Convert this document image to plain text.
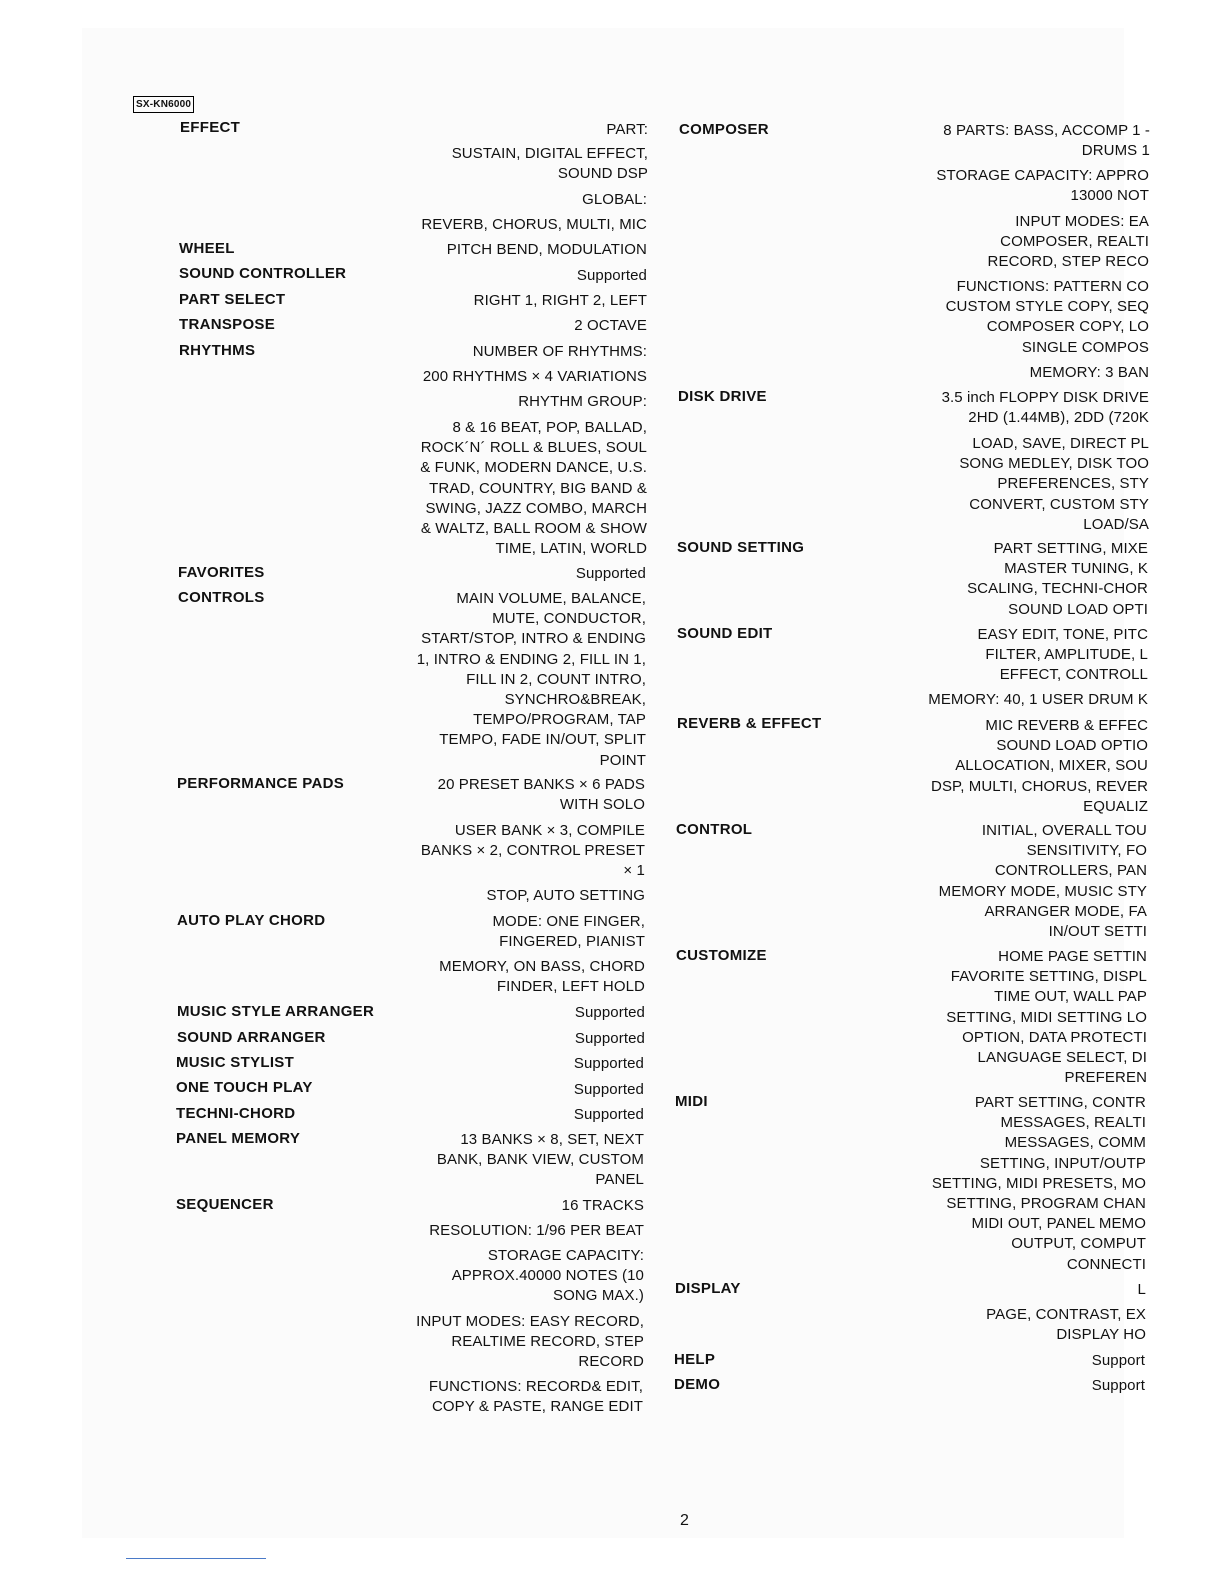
SX-KN6000
EFFECT	PART:

SUSTAIN, DIGITAL EFFECT,

SOUND DSP

GLOBAL:

REVERB, CHORUS, MULTI, MIC

WHEEL	PITCH BEND, MODULATION

SOUND CONTROLLER	Supported

PART SELECT	RIGHT 1, RIGHT 2, LEFT

TRANSPOSE	2 OCTAVE

RHYTHMS	NUMBER OF RHYTHMS:

200 RHYTHMS × 4 VARIATIONS

RHYTHM GROUP:

8 & 16 BEAT, POP, BALLAD,

ROCK´N´ ROLL & BLUES, SOUL

& FUNK, MODERN DANCE, U.S.

TRAD, COUNTRY, BIG BAND &

SWING, JAZZ COMBO, MARCH

& WALTZ, BALL ROOM & SHOW

TIME, LATIN, WORLD

FAVORITES	Supported

CONTROLS	MAIN VOLUME, BALANCE,

MUTE, CONDUCTOR,

START/STOP, INTRO & ENDING

1, INTRO & ENDING 2, FILL IN 1,

FILL IN 2, COUNT INTRO,

SYNCHRO&BREAK,

TEMPO/PROGRAM, TAP

TEMPO, FADE IN/OUT, SPLIT

POINT

PERFORMANCE PADS	20 PRESET BANKS × 6 PADS

WITH SOLO

USER BANK × 3, COMPILE

BANKS × 2, CONTROL PRESET

× 1

STOP, AUTO SETTING

AUTO PLAY CHORD	MODE: ONE FINGER,

FINGERED, PIANIST

MEMORY, ON BASS, CHORD

FINDER, LEFT HOLD

MUSIC STYLE ARRANGER	Supported

SOUND ARRANGER	Supported

MUSIC STYLIST	Supported

ONE TOUCH PLAY	Supported

TECHNI-CHORD	Supported

PANEL MEMORY	13 BANKS × 8, SET, NEXT

BANK, BANK VIEW, CUSTOM

PANEL

SEQUENCER	16 TRACKS

RESOLUTION: 1/96 PER BEAT

STORAGE CAPACITY:

APPROX.40000 NOTES (10

SONG MAX.)

INPUT MODES: EASY RECORD,

REALTIME RECORD, STEP

RECORD

FUNCTIONS: RECORD& EDIT,

COPY & PASTE, RANGE EDIT

COMPOSER	8 PARTS: BASS, ACCOMP 1 -

DRUMS 1

STORAGE CAPACITY: APPRO

13000 NOT

INPUT MODES: EA

COMPOSER, REALTI

RECORD, STEP RECO

FUNCTIONS: PATTERN CO

CUSTOM STYLE COPY, SEQ

COMPOSER COPY, LO

SINGLE COMPOS

MEMORY: 3 BAN

DISK DRIVE	3.5 inch FLOPPY DISK DRIVE

2HD (1.44MB), 2DD (720K

LOAD, SAVE, DIRECT PL

SONG MEDLEY, DISK TOO

PREFERENCES, STY

CONVERT, CUSTOM STY

LOAD/SA

SOUND SETTING	PART SETTING, MIXE

MASTER TUNING, K

SCALING, TECHNI-CHOR

SOUND LOAD OPTI

SOUND EDIT	EASY EDIT, TONE, PITC

FILTER, AMPLITUDE, L

EFFECT, CONTROLL

MEMORY: 40, 1 USER DRUM K

REVERB & EFFECT	MIC REVERB & EFFEC

SOUND LOAD OPTIO

ALLOCATION, MIXER, SOU

DSP, MULTI, CHORUS, REVER

EQUALIZ

CONTROL	INITIAL, OVERALL TOU

SENSITIVITY, FO

CONTROLLERS, PAN

MEMORY MODE, MUSIC STY

ARRANGER MODE, FA

IN/OUT SETTI

CUSTOMIZE	HOME PAGE SETTIN

FAVORITE SETTING, DISPL

TIME OUT, WALL PAP

SETTING, MIDI SETTING LO

OPTION, DATA PROTECTI

LANGUAGE SELECT, DI

PREFEREN

MIDI	PART SETTING, CONTR

MESSAGES, REALTI

MESSAGES, COMM

SETTING, INPUT/OUTP

SETTING, MIDI PRESETS, MO

SETTING, PROGRAM CHAN

MIDI OUT, PANEL MEMO

OUTPUT, COMPUT

CONNECTI

DISPLAY	L

PAGE, CONTRAST, EX

DISPLAY HO

HELP	Support

DEMO	Support

2
